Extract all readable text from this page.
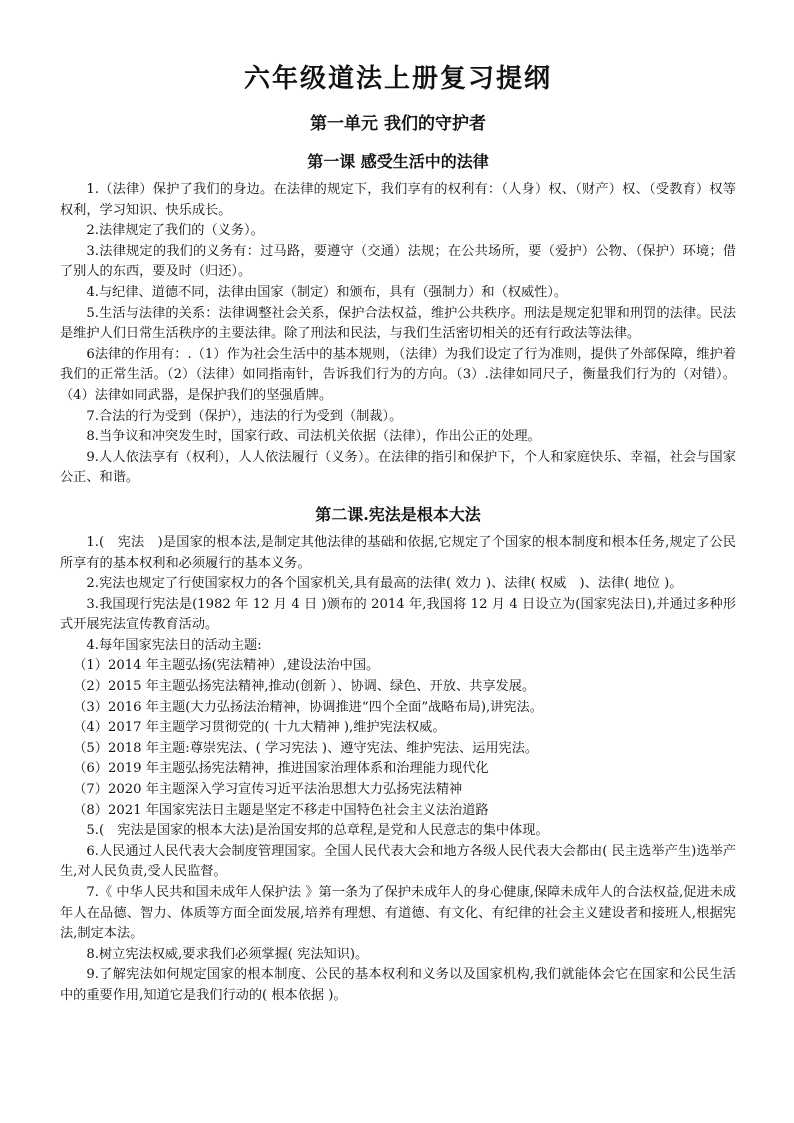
六年级道法上册复习提纲
第一单元 我们的守护者
第一课 感受生活中的法律

1.（法律）保护了我们的身边。在法律的规定下，我们享有的权利有：（人身）权、（财产）权、（受教育）权等权利，学习知识、快乐成长。

2.法律规定了我们的（义务）。

3.法律规定的我们的义务有：过马路，要遵守（交通）法规；在公共场所，要（爱护）公物、（保护）环境；借了别人的东西，要及时（归还）。

4.与纪律、道德不同，法律由国家（制定）和颁布，具有（强制力）和（权威性）。

5.生活与法律的关系：法律调整社会关系，保护合法权益，维护公共秩序。刑法是规定犯罪和刑罚的法律。民法是维护人们日常生活秩序的主要法律。除了刑法和民法，与我们生活密切相关的还有行政法等法律。

6法律的作用有：.（1）作为社会生活中的基本规则，（法律）为我们设定了行为准则，提供了外部保障，维护着我们的正常生活。（2）（法律）如同指南针，告诉我们行为的方向。（3）.法律如同尺子，衡量我们行为的（对错）。（4）法律如同武器，是保护我们的坚强盾牌。

7.合法的行为受到（保护），违法的行为受到（制裁）。

8.当争议和冲突发生时，国家行政、司法机关依据（法律），作出公正的处理。

9.人人依法享有（权利），人人依法履行（义务）。在法律的指引和保护下，个人和家庭快乐、幸福，社会与国家公正、和谐。

第二课.宪法是根本大法

1.(　宪法　)是国家的根本法,是制定其他法律的基础和依据,它规定了个国家的根本制度和根本任务,规定了公民所享有的基本权利和必须履行的基本义务。

2.宪法也规定了行使国家权力的各个国家机关,具有最高的法律( 效力 )、法律( 权威　)、法律( 地位 )。

3.我国现行宪法是(1982 年 12 月 4 日 )颁布的 2014 年,我国将 12 月 4 日设立为(国家宪法日),并通过多种形式开展宪法宣传教育活动。

4.每年国家宪法日的活动主题:

（1）2014 年主题弘扬(宪法精神）,建设法治中国。

（2）2015 年主题弘扬宪法精神,推动(创新 ）、协调、绿色、开放、共享发展。

（3）2016 年主题(大力弘扬法治精神，协调推进“四个全面”战略布局),讲宪法。

（4）2017 年主题学习贯彻党的( 十九大精神 ),维护宪法权威。

（5）2018 年主题:尊崇宪法、( 学习宪法 )、遵守宪法、维护宪法、运用宪法。

（6）2019 年主题弘扬宪法精神，推进国家治理体系和治理能力现代化

（7）2020 年主题深入学习宣传习近平法治思想大力弘扬宪法精神

（8）2021 年国家宪法日主题是坚定不移走中国特色社会主义法治道路

5.(　宪法是国家的根本大法)是治国安邦的总章程,是党和人民意志的集中体现。

6.人民通过人民代表大会制度管理国家。全国人民代表大会和地方各级人民代表大会都由( 民主选举产生)选举产生,对人民负责,受人民监督。

7.《 中华人民共和国未成年人保护法 》第一条为了保护未成年人的身心健康,保障未成年人的合法权益,促进未成年人在品德、智力、体质等方面全面发展,培养有理想、有道德、有文化、有纪律的社会主义建设者和接班人,根据宪法,制定本法。

8.树立宪法权威,要求我们必须掌握( 宪法知识)。

9.了解宪法如何规定国家的根本制度、公民的基本权利和义务以及国家机构,我们就能体会它在国家和公民生活中的重要作用,知道它是我们行动的( 根本依据 )。
